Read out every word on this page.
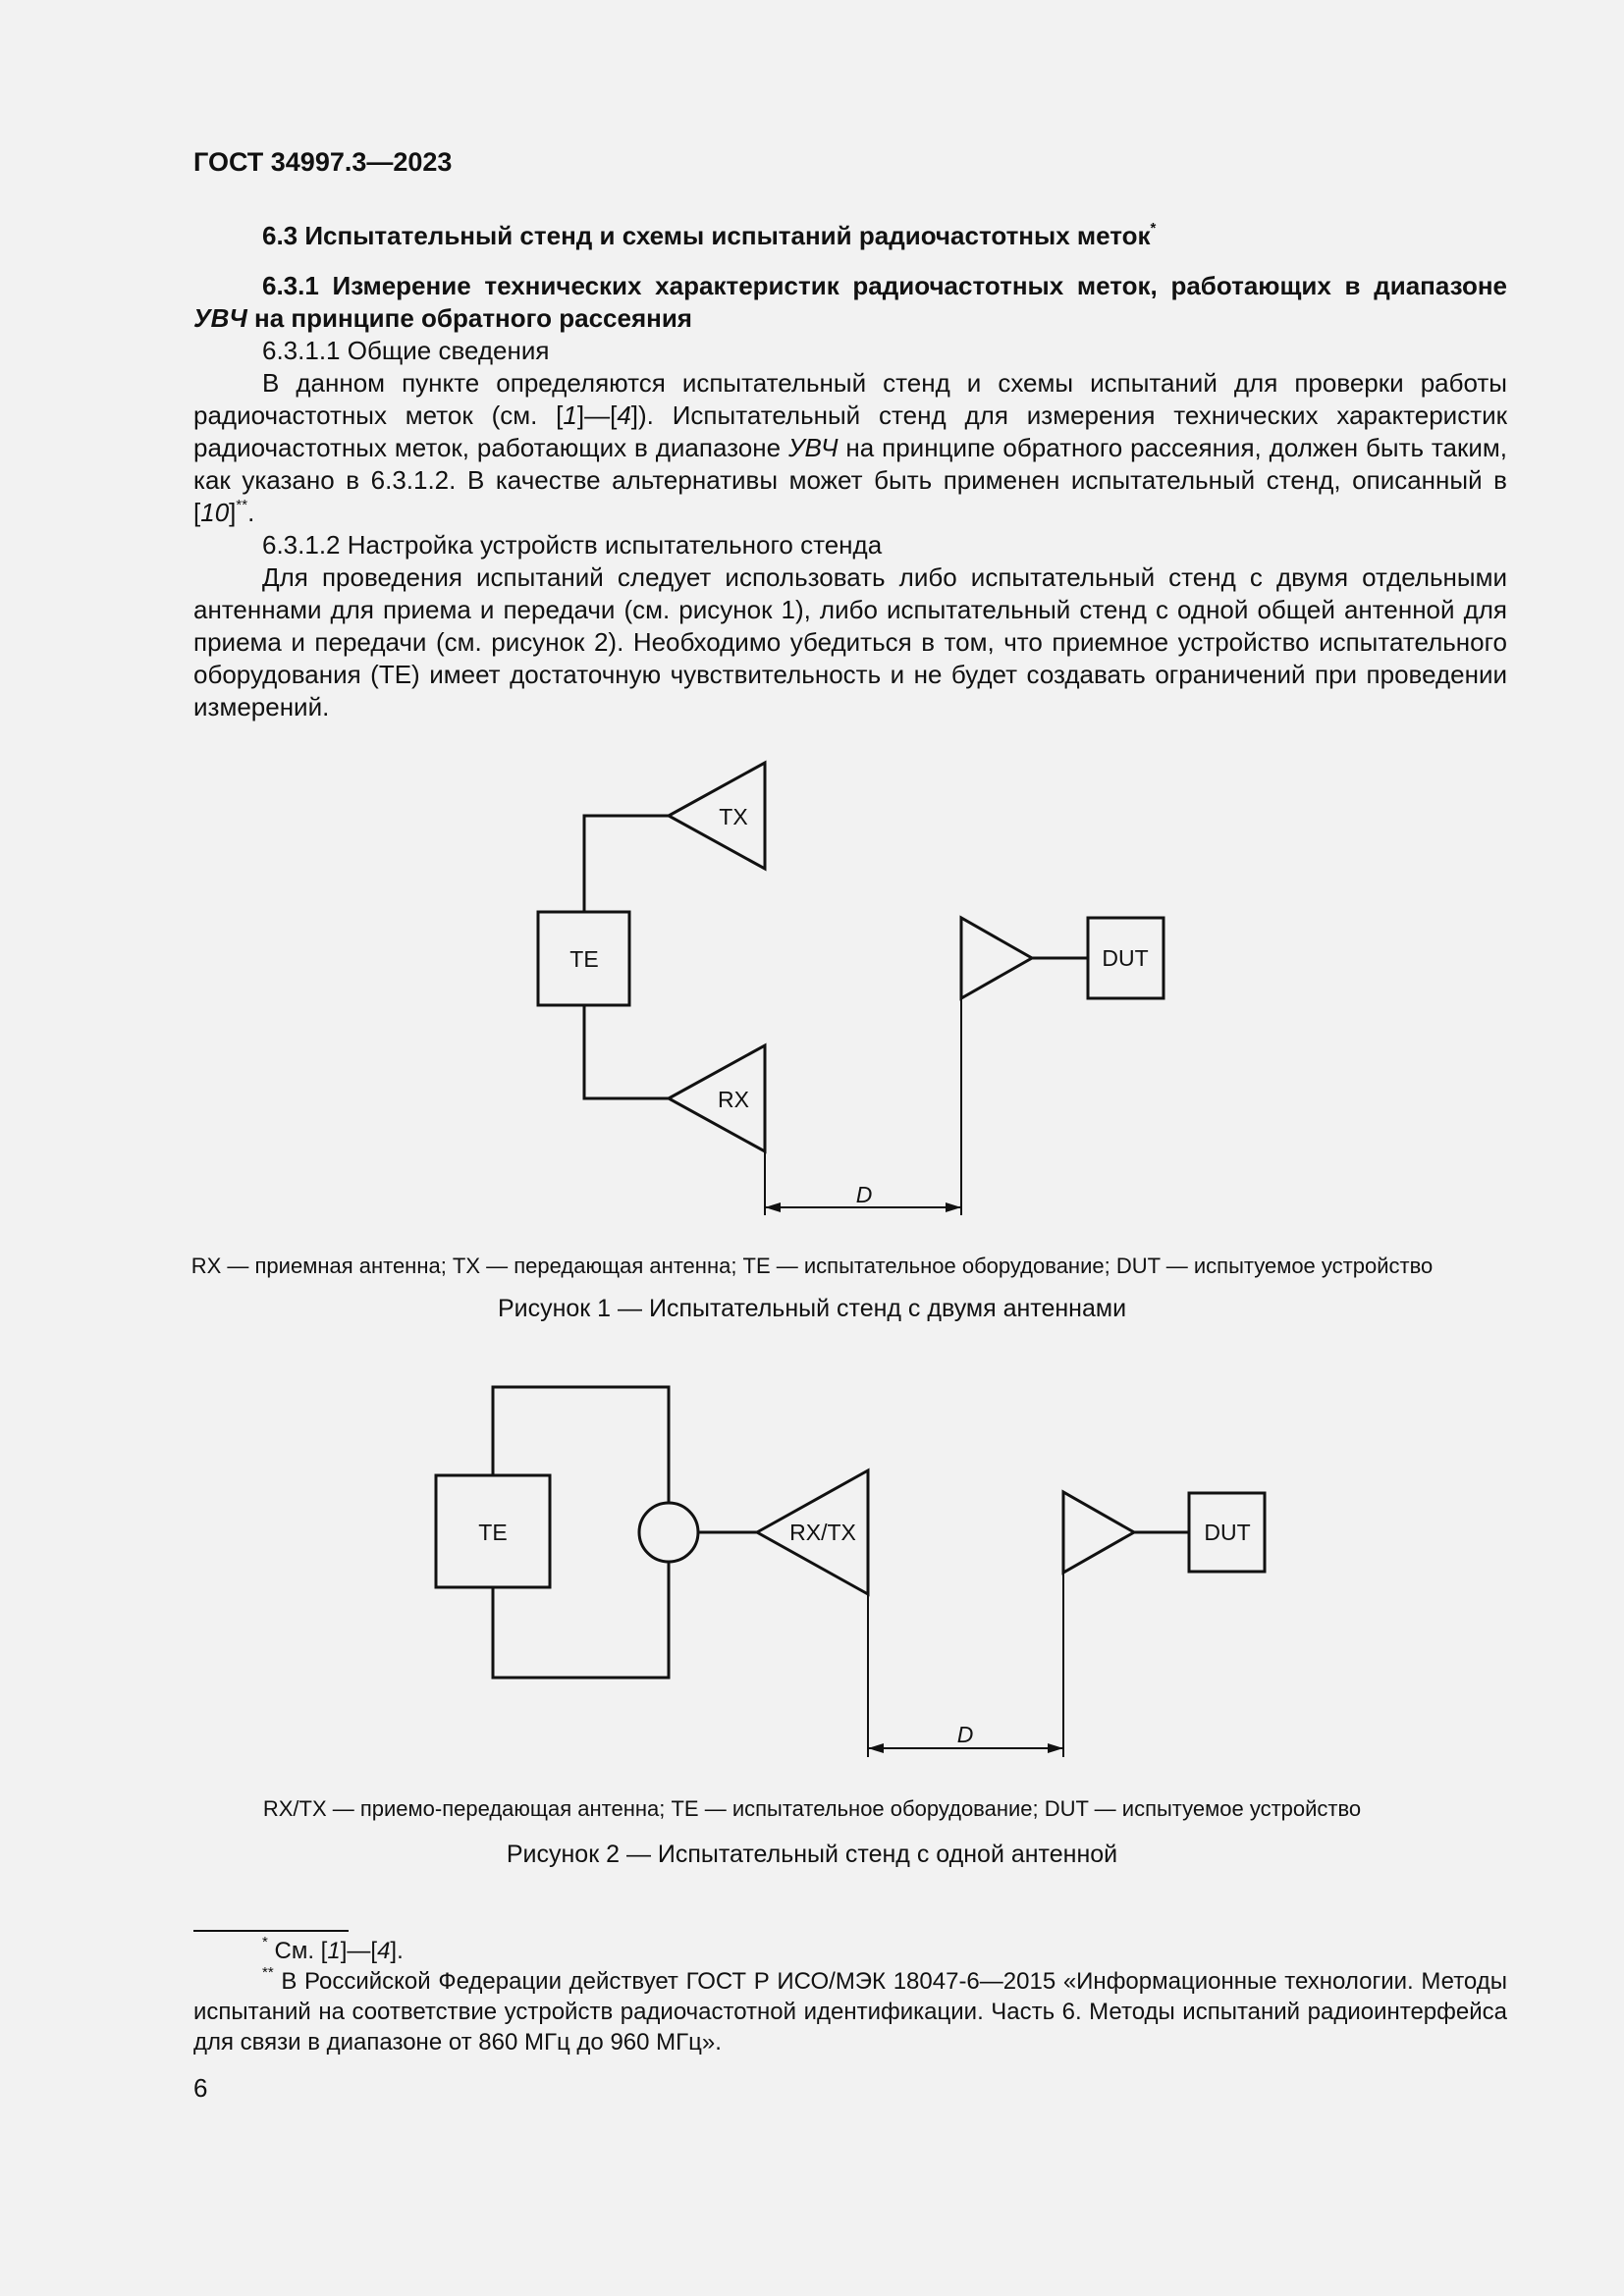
ГОСТ 34997.3—2023

6.3 Испытательный стенд и схемы испытаний радиочастотных меток*

6.3.1 Измерение технических характеристик радиочастотных меток, работающих в диапазоне УВЧ на принципе обратного рассеяния

6.3.1.1 Общие сведения

В данном пункте определяются испытательный стенд и схемы испытаний для проверки работы радиочастотных меток (см. [1]—[4]). Испытательный стенд для измерения технических характеристик радиочастотных меток, работающих в диапазоне УВЧ на принципе обратного рассеяния, должен быть таким, как указано в 6.3.1.2. В качестве альтернативы может быть применен испытательный стенд, описанный в [10]**.

6.3.1.2 Настройка устройств испытательного стенда

Для проведения испытаний следует использовать либо испытательный стенд с двумя отдельными антеннами для приема и передачи (см. рисунок 1), либо испытательный стенд с одной общей антенной для приема и передачи (см. рисунок 2). Необходимо убедиться в том, что приемное устройство испытательного оборудования (TE) имеет достаточную чувствительность и не будет создавать ограничений при проведении измерений.

TE
TX
RX
DUT
D
RX — приемная антенна; TX — передающая антенна; TE — испытательное оборудование; DUT — испытуемое устройство
Рисунок 1 — Испытательный стенд с двумя антеннами
TE	RX/TX	DUT
D
RX/TX — приемо-передающая антенна; TE — испытательное оборудование; DUT — испытуемое устройство
Рисунок 2 — Испытательный стенд с одной антенной

* См. [1]—[4].

** В Российской Федерации действует ГОСТ Р ИСО/МЭК 18047-6—2015 «Информационные технологии. Методы испытаний на соответствие устройств радиочастотной идентификации. Часть 6. Методы испытаний радиоинтерфейса для связи в диапазоне от 860 МГц до 960 МГц».

6
